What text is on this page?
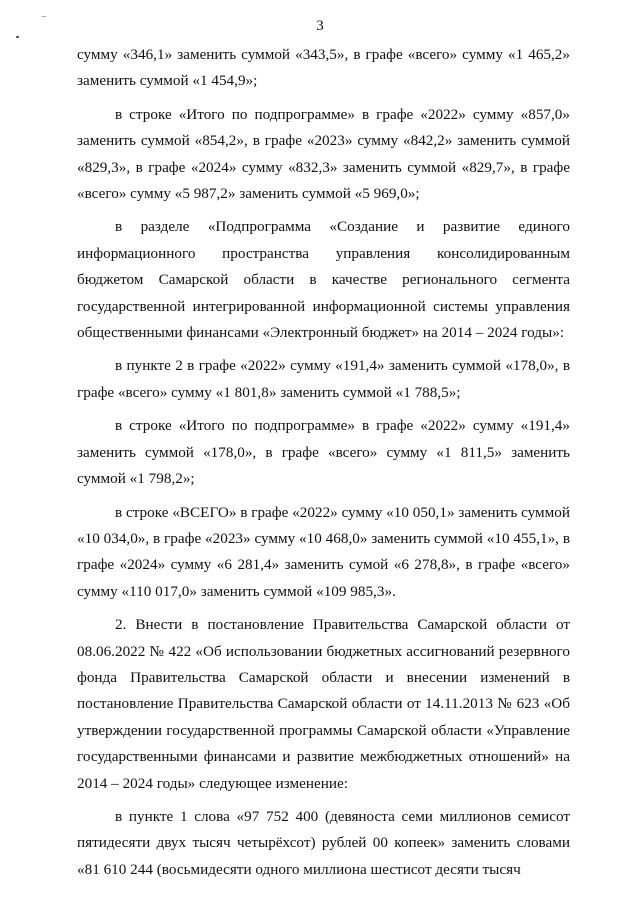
⁻	3

сумму «346,1» заменить суммой «343,5», в графе «всего» сумму «1 465,2» заменить суммой «1 454,9»;

в строке «Итого по подпрограмме» в графе «2022» сумму «857,0» заменить суммой «854,2», в графе «2023» сумму «842,2» заменить суммой «829,3», в графе «2024» сумму «832,3» заменить суммой «829,7», в графе «всего» сумму «5 987,2» заменить суммой «5 969,0»;

в разделе «Подпрограмма «Создание и развитие единого информационного пространства управления консолидированным бюджетом Самарской области в качестве регионального сегмента государственной интегрированной информационной системы управления общественными финансами «Электронный бюджет» на 2014 – 2024 годы»:

в пункте 2 в графе «2022» сумму «191,4» заменить суммой «178,0», в графе «всего» сумму «1 801,8» заменить суммой «1 788,5»;

в строке «Итого по подпрограмме» в графе «2022» сумму «191,4» заменить суммой «178,0», в графе «всего» сумму «1 811,5» заменить суммой «1 798,2»;

в строке «ВСЕГО» в графе «2022» сумму «10 050,1» заменить суммой «10 034,0», в графе «2023» сумму «10 468,0» заменить суммой «10 455,1», в графе «2024» сумму «6 281,4» заменить сумой «6 278,8», в графе «всего» сумму «110 017,0» заменить суммой «109 985,3».

2. Внести в постановление Правительства Самарской области от 08.06.2022 № 422 «Об использовании бюджетных ассигнований резервного фонда Правительства Самарской области и внесении изменений в постановление Правительства Самарской области от 14.11.2013 № 623 «Об утверждении государственной программы Самарской области «Управление государственными финансами и развитие межбюджетных отношений» на 2014 – 2024 годы» следующее изменение:

в пункте 1 слова «97 752 400 (девяноста семи миллионов семисот пятидесяти двух тысяч четырёхсот) рублей 00 копеек» заменить словами «81 610 244 (восьмидесяти одного миллиона шестисот десяти тысяч
